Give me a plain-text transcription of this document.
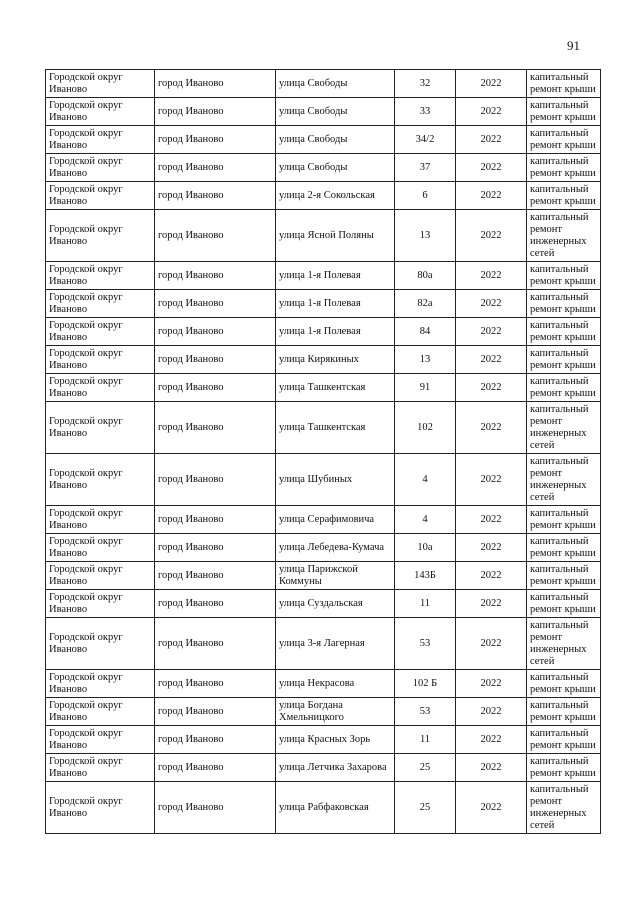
91
Городской округ Иваново	город Иваново	улица Свободы	32	2022	капитальный ремонт крыши
Городской округ Иваново	город Иваново	улица Свободы	33	2022	капитальный ремонт крыши
Городской округ Иваново	город Иваново	улица Свободы	34/2	2022	капитальный ремонт крыши
Городской округ Иваново	город Иваново	улица Свободы	37	2022	капитальный ремонт крыши
Городской округ Иваново	город Иваново	улица 2-я Сокольская	6	2022	капитальный ремонт крыши
Городской округ Иваново	город Иваново	улица Ясной Поляны	13	2022	капитальный ремонт инженерных сетей
Городской округ Иваново	город Иваново	улица 1-я Полевая	80а	2022	капитальный ремонт крыши
Городской округ Иваново	город Иваново	улица 1-я Полевая	82а	2022	капитальный ремонт крыши
Городской округ Иваново	город Иваново	улица 1-я Полевая	84	2022	капитальный ремонт крыши
Городской округ Иваново	город Иваново	улица Кирякиных	13	2022	капитальный ремонт крыши
Городской округ Иваново	город Иваново	улица Ташкентская	91	2022	капитальный ремонт крыши
Городской округ Иваново	город Иваново	улица Ташкентская	102	2022	капитальный ремонт инженерных сетей
Городской округ Иваново	город Иваново	улица Шубиных	4	2022	капитальный ремонт инженерных сетей
Городской округ Иваново	город Иваново	улица Серафимовича	4	2022	капитальный ремонт крыши
Городской округ Иваново	город Иваново	улица Лебедева-Кумача	10а	2022	капитальный ремонт крыши
Городской округ Иваново	город Иваново	улица Парижской Коммуны	143Б	2022	капитальный ремонт крыши
Городской округ Иваново	город Иваново	улица Суздальская	11	2022	капитальный ремонт крыши
Городской округ Иваново	город Иваново	улица 3-я Лагерная	53	2022	капитальный ремонт инженерных сетей
Городской округ Иваново	город Иваново	улица Некрасова	102 Б	2022	капитальный ремонт крыши
Городской округ Иваново	город Иваново	улица Богдана Хмельницкого	53	2022	капитальный ремонт крыши
Городской округ Иваново	город Иваново	улица Красных Зорь	11	2022	капитальный ремонт крыши
Городской округ Иваново	город Иваново	улица Летчика Захарова	25	2022	капитальный ремонт крыши
Городской округ Иваново	город Иваново	улица Рабфаковская	25	2022	капитальный ремонт инженерных сетей
